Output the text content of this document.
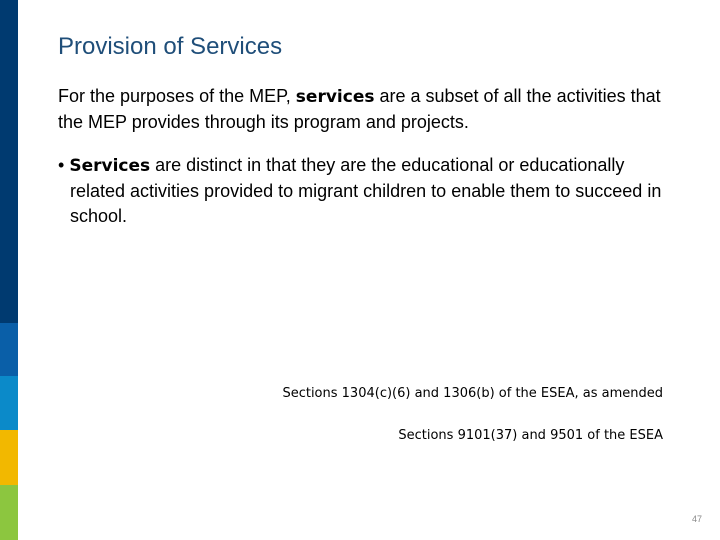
Provision of Services
For the purposes of the MEP, services are a subset of all the activities that the MEP provides through its program and projects.
• Services are distinct in that they are the educational or educationally related activities provided to migrant children to enable them to succeed in school.
Sections 1304(c)(6) and 1306(b) of the ESEA, as amended
Sections 9101(37) and 9501 of the ESEA
47
